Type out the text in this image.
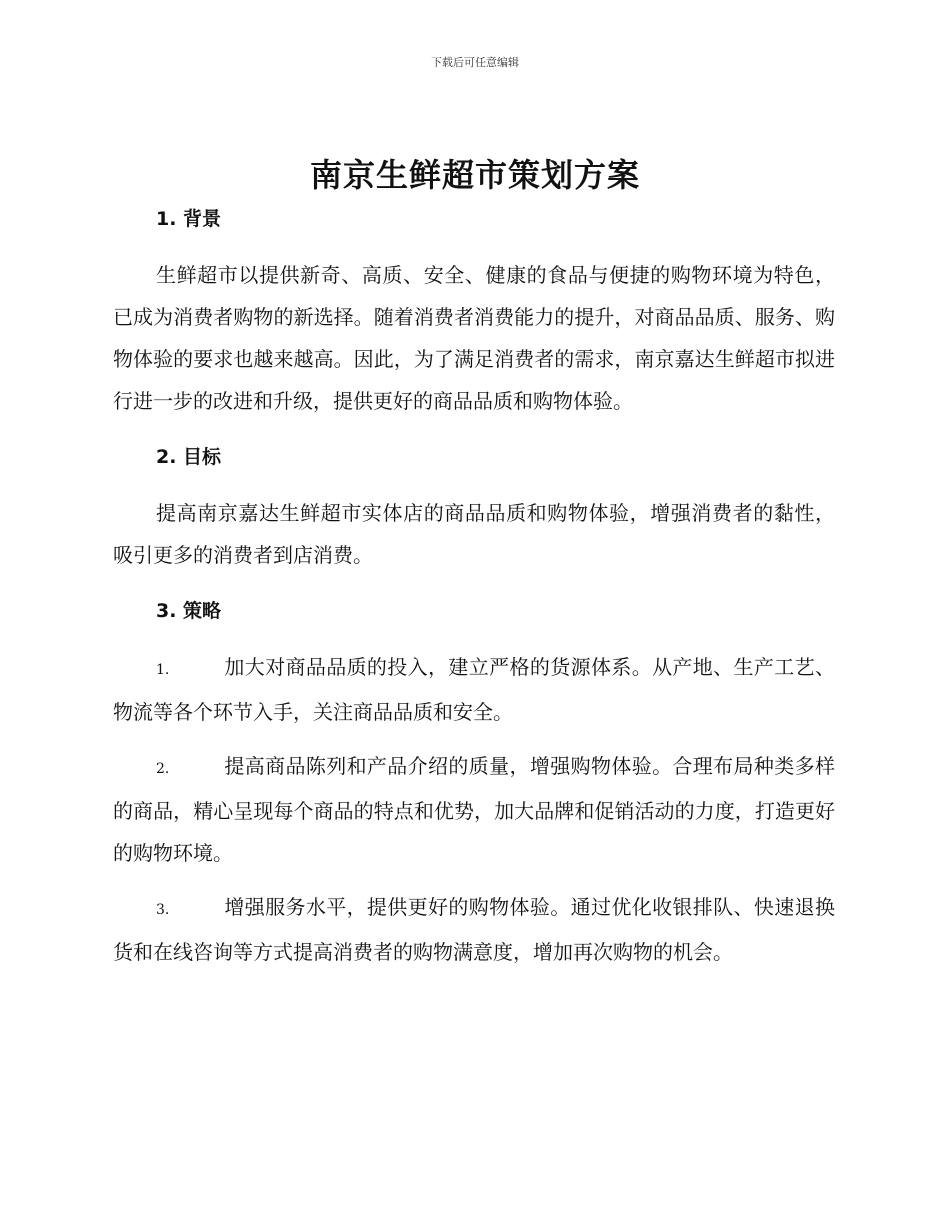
下载后可任意编辑
南京生鲜超市策划方案
1. 背景

生鲜超市以提供新奇、高质、安全、健康的食品与便捷的购物环境为特色，已成为消费者购物的新选择。随着消费者消费能力的提升，对商品品质、服务、购物体验的要求也越来越高。因此，为了满足消费者的需求，南京嘉达生鲜超市拟进行进一步的改进和升级，提供更好的商品品质和购物体验。

2. 目标

提高南京嘉达生鲜超市实体店的商品品质和购物体验，增强消费者的黏性，吸引更多的消费者到店消费。

3. 策略

1.	加大对商品品质的投入，建立严格的货源体系。从产地、生产工艺、物流等各个环节入手，关注商品品质和安全。

2.	提高商品陈列和产品介绍的质量，增强购物体验。合理布局种类多样的商品，精心呈现每个商品的特点和优势，加大品牌和促销活动的力度，打造更好的购物环境。

3.	增强服务水平，提供更好的购物体验。通过优化收银排队、快速退换货和在线咨询等方式提高消费者的购物满意度，增加再次购物的机会。
